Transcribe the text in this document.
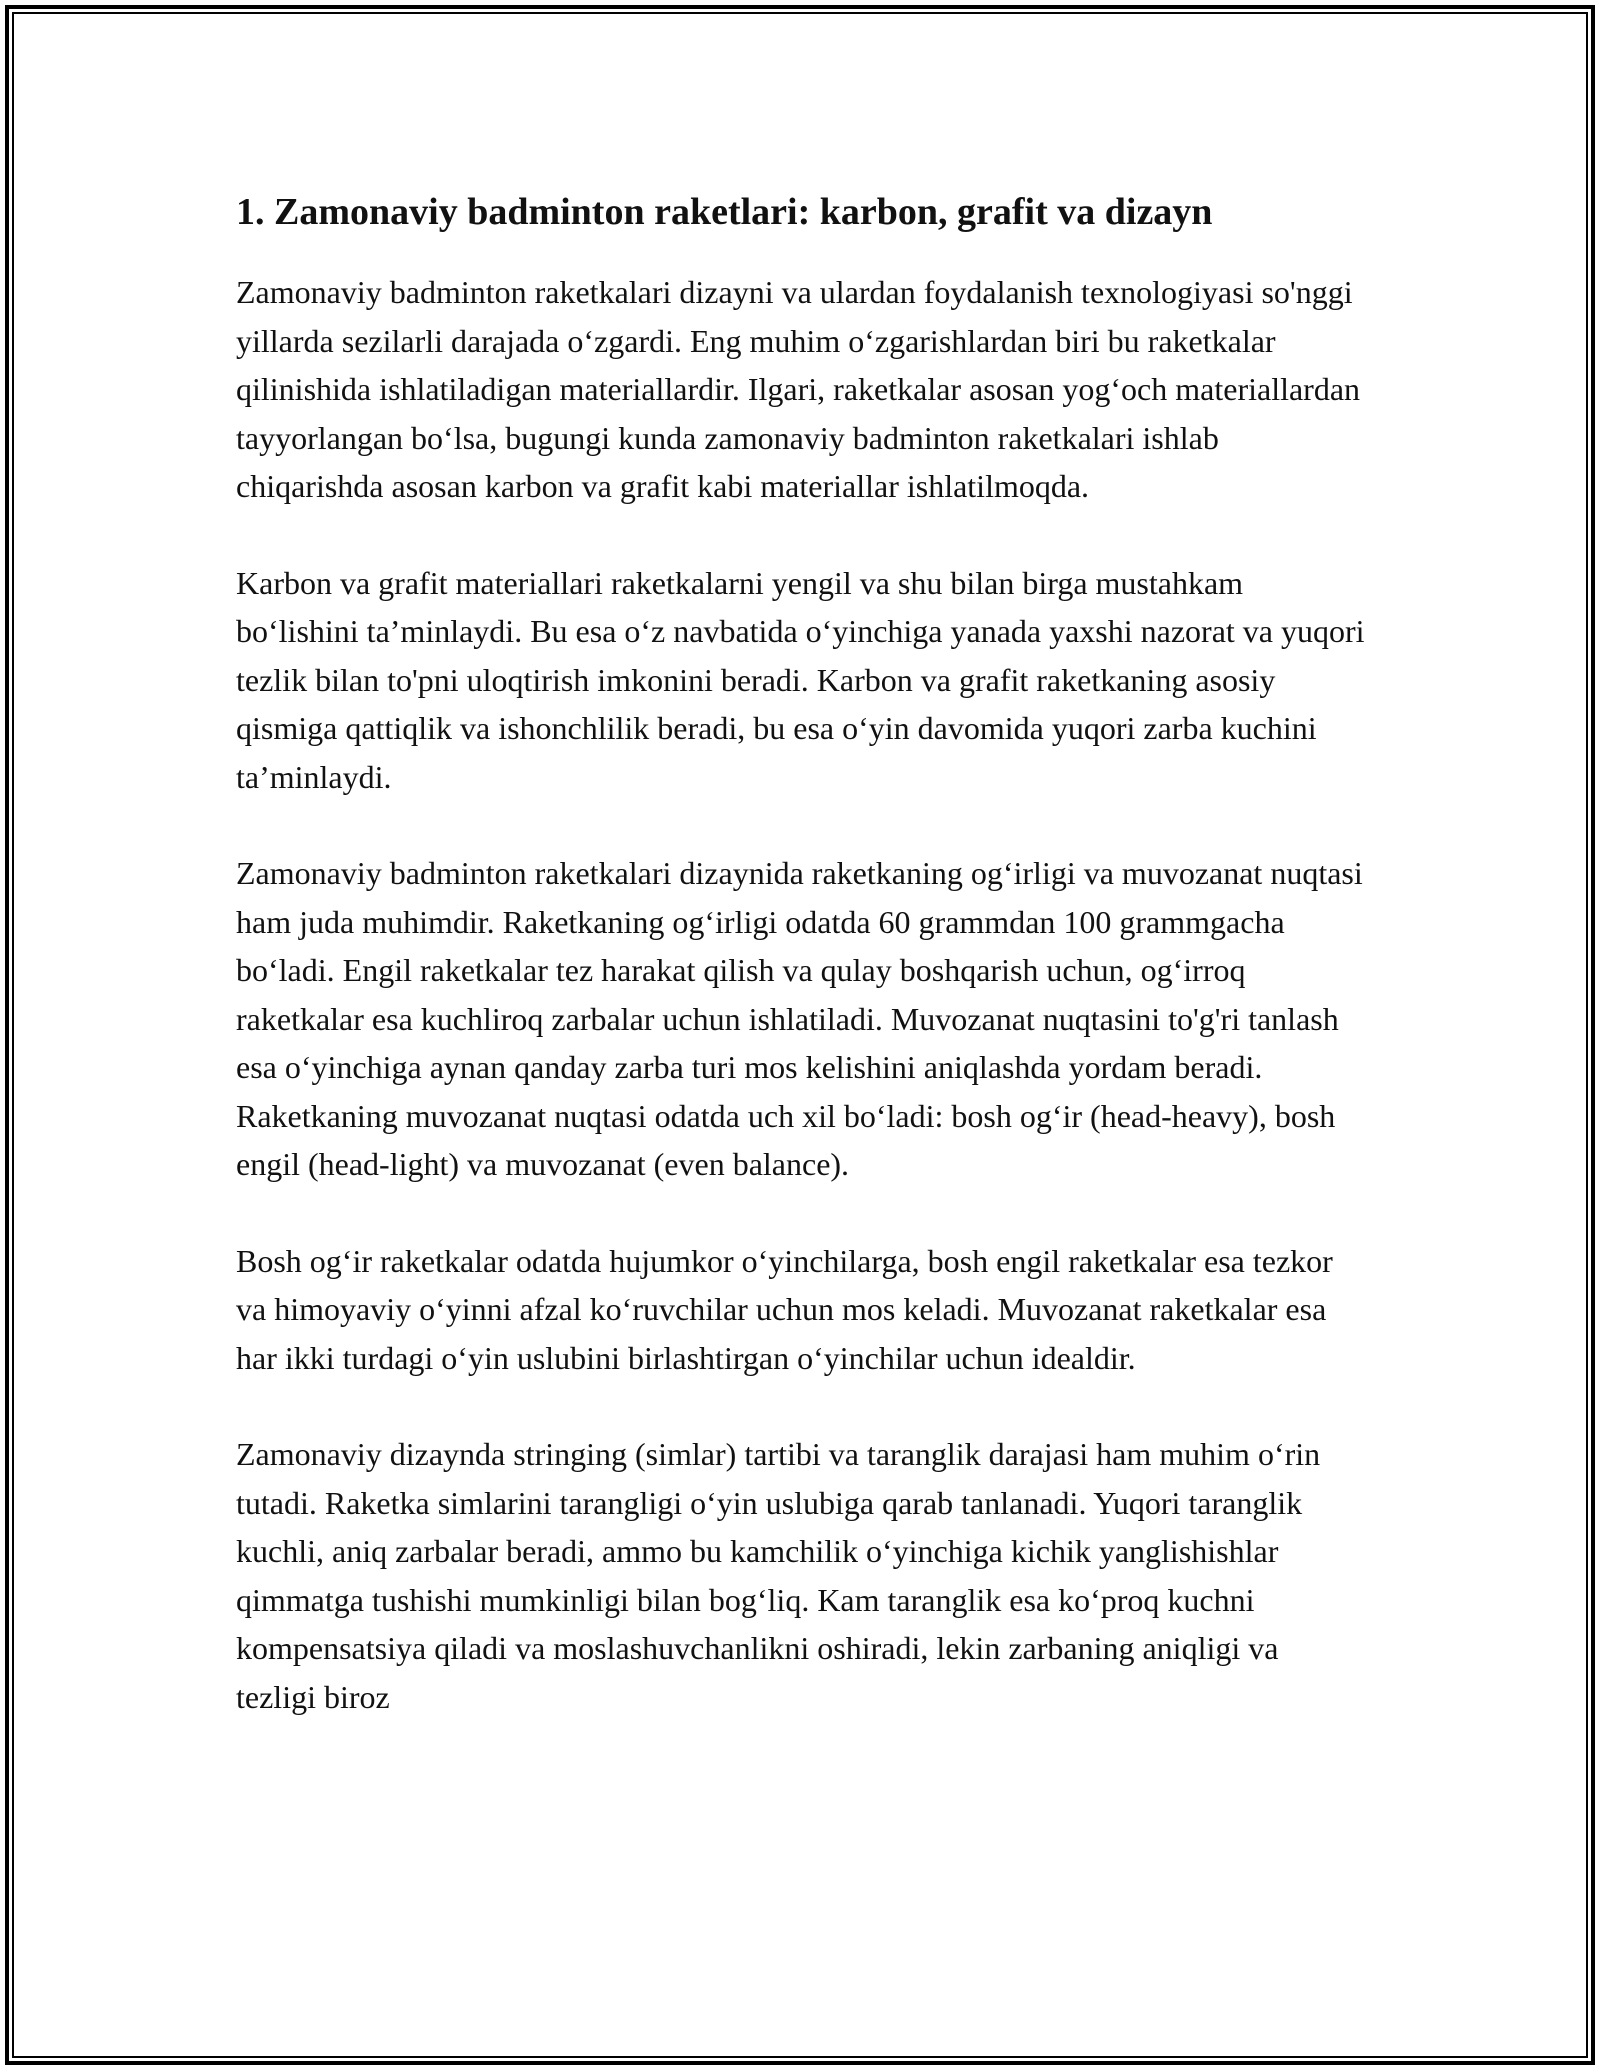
1. Zamonaviy badminton raketlari: karbon, grafit va dizayn

Zamonaviy badminton raketkalari dizayni va ulardan foydalanish texnologiyasi so'nggi yillarda sezilarli darajada o‘zgardi. Eng muhim o‘zgarishlardan biri bu raketkalar qilinishida ishlatiladigan materiallardir. Ilgari, raketkalar asosan yog‘och materiallardan tayyorlangan bo‘lsa, bugungi kunda zamonaviy badminton raketkalari ishlab chiqarishda asosan karbon va grafit kabi materiallar ishlatilmoqda.

Karbon va grafit materiallari raketkalarni yengil va shu bilan birga mustahkam bo‘lishini ta’minlaydi. Bu esa o‘z navbatida o‘yinchiga yanada yaxshi nazorat va yuqori tezlik bilan to'pni uloqtirish imkonini beradi. Karbon va grafit raketkaning asosiy qismiga qattiqlik va ishonchlilik beradi, bu esa o‘yin davomida yuqori zarba kuchini ta’minlaydi.

Zamonaviy badminton raketkalari dizaynida raketkaning og‘irligi va muvozanat nuqtasi ham juda muhimdir. Raketkaning og‘irligi odatda 60 grammdan 100 grammgacha bo‘ladi. Engil raketkalar tez harakat qilish va qulay boshqarish uchun, og‘irroq raketkalar esa kuchliroq zarbalar uchun ishlatiladi. Muvozanat nuqtasini to'g'ri tanlash esa o‘yinchiga aynan qanday zarba turi mos kelishini aniqlashda yordam beradi. Raketkaning muvozanat nuqtasi odatda uch xil bo‘ladi: bosh og‘ir (head-heavy), bosh engil (head-light) va muvozanat (even balance).

Bosh og‘ir raketkalar odatda hujumkor o‘yinchilarga, bosh engil raketkalar esa tezkor va himoyaviy o‘yinni afzal ko‘ruvchilar uchun mos keladi. Muvozanat raketkalar esa har ikki turdagi o‘yin uslubini birlashtirgan o‘yinchilar uchun idealdir.

Zamonaviy dizaynda stringing (simlar) tartibi va taranglik darajasi ham muhim o‘rin tutadi. Raketka simlarini tarangligi o‘yin uslubiga qarab tanlanadi. Yuqori taranglik kuchli, aniq zarbalar beradi, ammo bu kamchilik o‘yinchiga kichik yanglishishlar qimmatga tushishi mumkinligi bilan bog‘liq. Kam taranglik esa ko‘proq kuchni kompensatsiya qiladi va moslashuvchanlikni oshiradi, lekin zarbaning aniqligi va tezligi biroz
